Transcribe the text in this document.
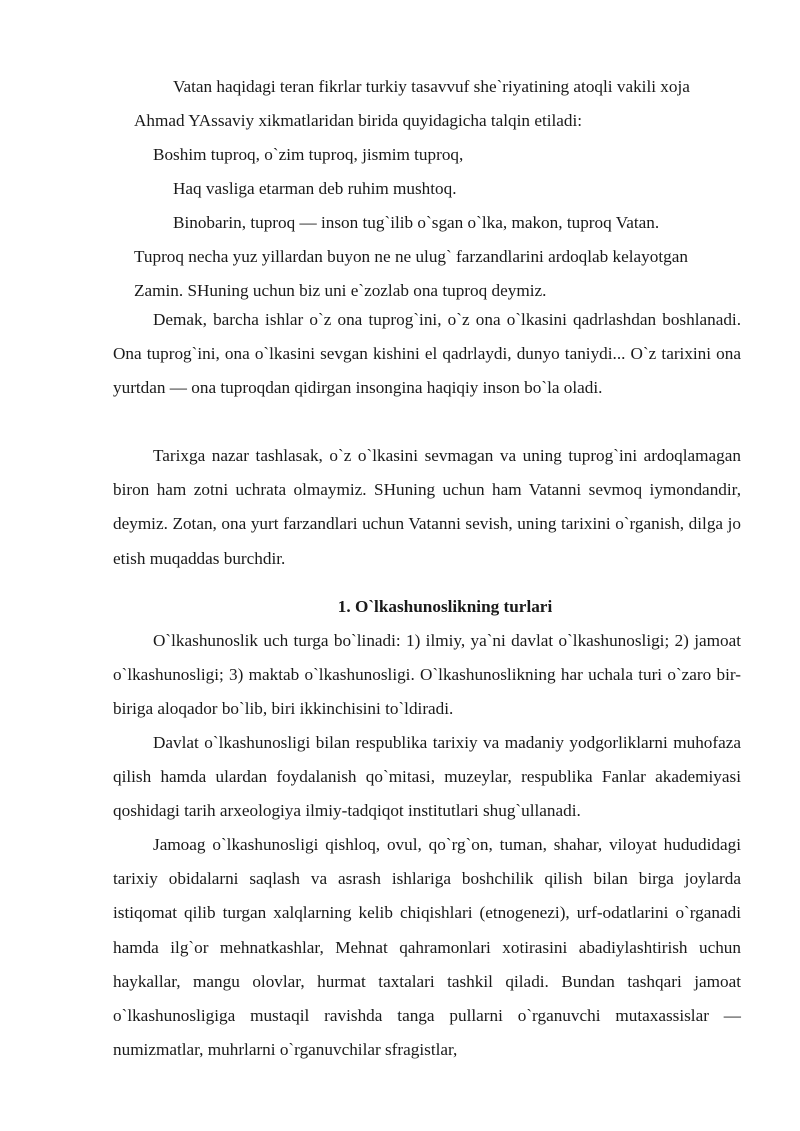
Vatan haqidagi teran fikrlar turkiy tasavvuf she`riyatining atoqli vakili xoja
Ahmad YAssaviy xikmatlaridan birida quyidagicha talqin etiladi:
Boshim tuproq, o`zim tuproq, jismim tuproq,
Haq vasliga etarman deb ruhim mushtoq.
Binobarin, tuproq — inson tug`ilib o`sgan o`lka, makon, tuproq Vatan.
Tuproq necha yuz yillardan buyon ne ne ulug` farzandlarini ardoqlab kelayotgan
Zamin. SHuning uchun biz uni e`zozlab ona tuproq deymiz.

Demak, barcha ishlar o`z ona tuprog`ini, o`z ona o`lkasini qadrlashdan boshlanadi. Ona tuprog`ini, ona o`lkasini sevgan kishini el qadrlaydi, dunyo taniydi... O`z tarixini ona yurtdan — ona tuproqdan qidirgan insongina haqiqiy inson bo`la oladi.

Tarixga nazar tashlasak, o`z o`lkasini sevmagan va uning tuprog`ini ardoqlamagan biron ham zotni uchrata olmaymiz. SHuning uchun ham Vatanni sevmoq iymondandir, deymiz. Zotan, ona yurt farzandlari uchun Vatanni sevish, uning tarixini o`rganish, dilga jo etish muqaddas burchdir.

1. O`lkashunoslikning turlari

O`lkashunoslik uch turga bo`linadi: 1) ilmiy, ya`ni davlat o`lkashunosligi; 2) jamoat o`lkashunosligi; 3) maktab o`lkashunosligi. O`lkashunoslikning har uchala turi o`zaro bir-biriga aloqador bo`lib, biri ikkinchisini to`ldiradi.

Davlat o`lkashunosligi bilan respublika tarixiy va madaniy yodgorliklarni muhofaza qilish hamda ulardan foydalanish qo`mitasi, muzeylar, respublika Fanlar akademiyasi qoshidagi tarih arxeologiya ilmiy-tadqiqot institutlari shug`ullanadi.

Jamoag o`lkashunosligi qishloq, ovul, qo`rg`on, tuman, shahar, viloyat hududidagi tarixiy obidalarni saqlash va asrash ishlariga boshchilik qilish bilan birga joylarda istiqomat qilib turgan xalqlarning kelib chiqishlari (etnogenezi), urf-odatlarini o`rganadi hamda ilg`or mehnatkashlar, Mehnat qahramonlari xotirasini abadiylashtirish uchun haykallar, mangu olovlar, hurmat taxtalari tashkil qiladi. Bundan tashqari jamoat o`lkashunosligiga mustaqil ravishda tanga pullarni o`rganuvchi mutaxassislar — numizmatlar, muhrlarni o`rganuvchilar sfragistlar,
